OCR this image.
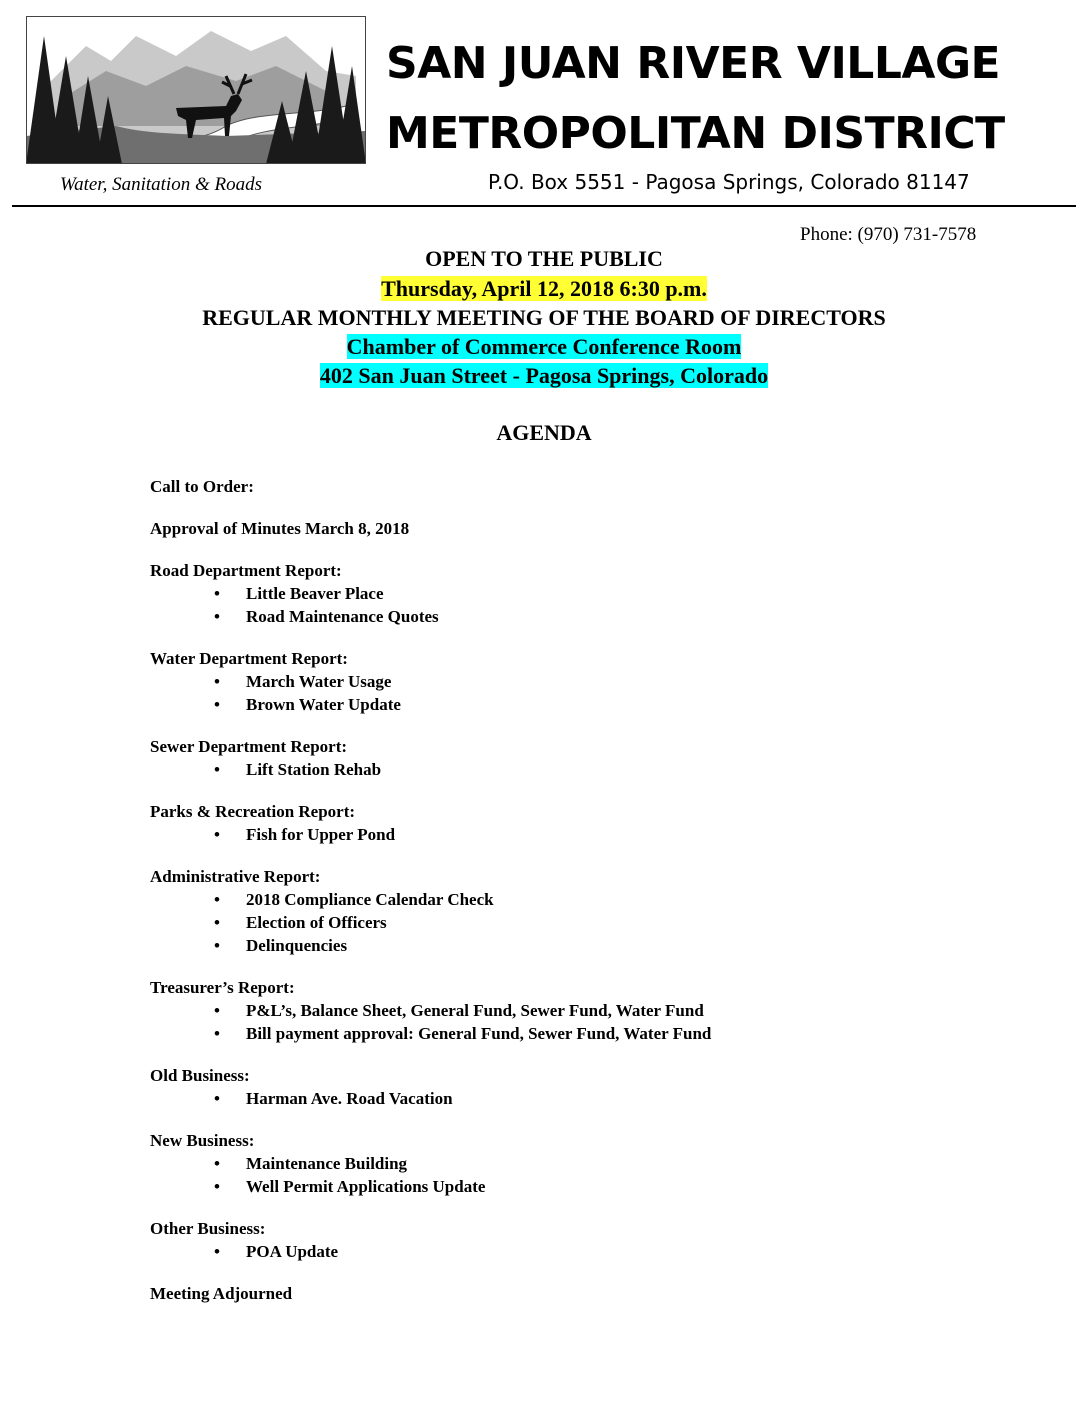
SAN JUAN RIVER VILLAGE
METROPOLITAN DISTRICT
Water, Sanitation & Roads	P.O. Box 5551 - Pagosa Springs, Colorado 81147
Phone: (970) 731-7578
OPEN TO THE PUBLIC
Thursday, April 12, 2018 6:30 p.m.
REGULAR MONTHLY MEETING OF THE BOARD OF DIRECTORS
Chamber of Commerce Conference Room
402 San Juan Street - Pagosa Springs, Colorado
AGENDA
Call to Order:
Approval of Minutes March 8, 2018
Road Department Report:
• Little Beaver Place
• Road Maintenance Quotes
Water Department Report:
• March Water Usage
• Brown Water Update
Sewer Department Report:
• Lift Station Rehab
Parks & Recreation Report:
• Fish for Upper Pond
Administrative Report:
• 2018 Compliance Calendar Check
• Election of Officers
• Delinquencies
Treasurer’s Report:
• P&L’s, Balance Sheet, General Fund, Sewer Fund, Water Fund
• Bill payment approval: General Fund, Sewer Fund, Water Fund
Old Business:
• Harman Ave. Road Vacation
New Business:
• Maintenance Building
• Well Permit Applications Update
Other Business:
• POA Update
Meeting Adjourned
